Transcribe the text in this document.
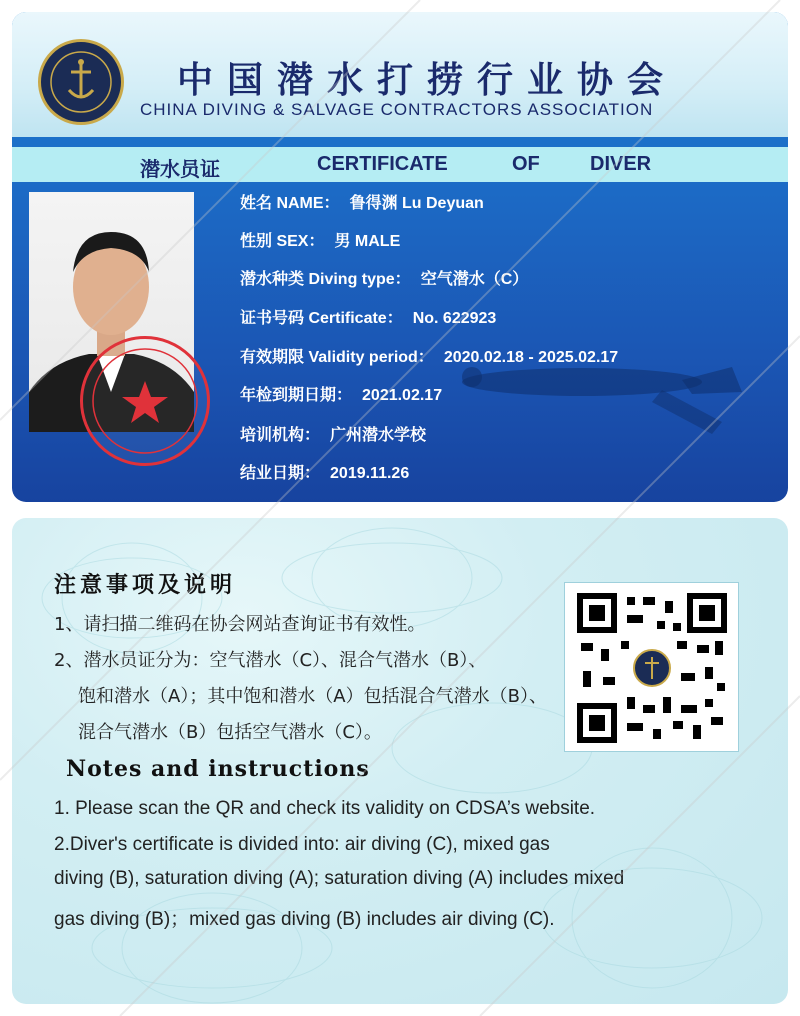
中国潜水打捞行业协会
CHINA DIVING & SALVAGE CONTRACTORS ASSOCIATION
潜水员证	CERTIFICATE	OF	DIVER
姓名 NAME： 鲁得渊 Lu Deyuan
性别 SEX： 男 MALE
潜水种类 Diving type： 空气潜水（C）
证书号码 Certificate： No. 622923
有效期限 Validity period： 2020.02.18 - 2025.02.17
年检到期日期： 2021.02.17
培训机构： 广州潜水学校
结业日期： 2019.11.26
注意事项及说明
1、请扫描二维码在协会网站查询证书有效性。
2、潜水员证分为：空气潜水（C）、混合气潜水（B）、
饱和潜水（A）；其中饱和潜水（A）包括混合气潜水（B）、
混合气潜水（B）包括空气潜水（C）。
Notes and instructions
1. Please scan the QR and check its validity on CDSA’s website.
2.Diver's certificate is divided into: air diving (C), mixed gas
diving (B), saturation diving (A); saturation diving (A) includes mixed
gas diving (B)；mixed gas diving (B) includes air diving (C).
